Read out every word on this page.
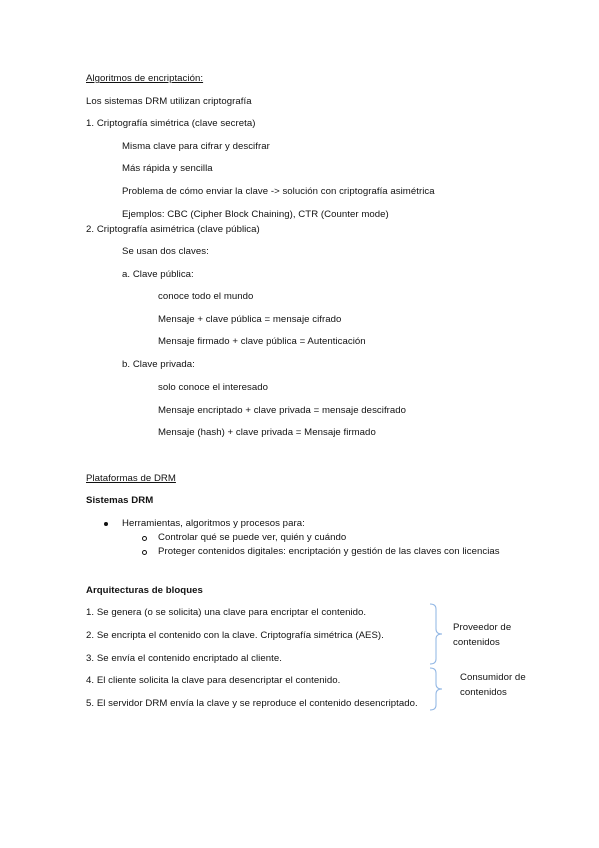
Algoritmos de encriptación:
Los sistemas DRM utilizan criptografía
1. Criptografía simétrica (clave secreta)
Misma clave para cifrar y descifrar
Más rápida y sencilla
Problema de cómo enviar la clave -> solución con criptografía asimétrica
Ejemplos: CBC (Cipher Block Chaining), CTR (Counter mode)
2. Criptografía asimétrica (clave pública)
Se usan dos claves:
a. Clave pública:
conoce todo el mundo
Mensaje + clave pública = mensaje cifrado
Mensaje firmado + clave pública = Autenticación
b. Clave privada:
solo conoce el interesado
Mensaje encriptado + clave privada = mensaje descifrado
Mensaje (hash) + clave privada = Mensaje firmado
Plataformas de DRM
Sistemas DRM
Herramientas, algoritmos y procesos para:
Controlar qué se puede ver, quién y cuándo
Proteger contenidos digitales: encriptación y gestión de las claves con licencias
Arquitecturas de bloques
1. Se genera (o se solicita) una clave para encriptar el contenido.
2. Se encripta el contenido con la clave. Criptografía simétrica (AES).
3. Se envía el contenido encriptado al cliente.
4. El cliente solicita la clave para desencriptar el contenido.
5. El servidor DRM envía la clave y se reproduce el contenido desencriptado.
Proveedor de
contenidos
Consumidor de
contenidos
